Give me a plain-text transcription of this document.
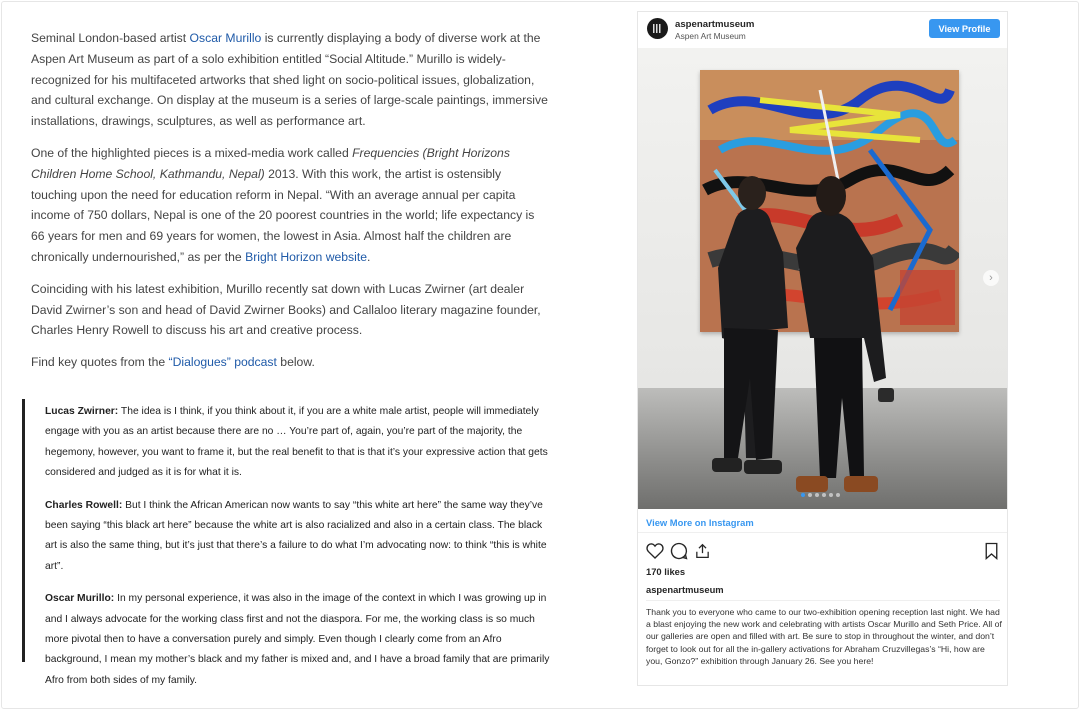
Seminal London-based artist Oscar Murillo is currently displaying a body of diverse work at the Aspen Art Museum as part of a solo exhibition entitled “Social Altitude.” Murillo is widely-recognized for his multifaceted artworks that shed light on socio-political issues, globalization, and cultural exchange. On display at the museum is a series of large-scale paintings, immersive installations, drawings, sculptures, as well as performance art.

One of the highlighted pieces is a mixed-media work called Frequencies (Bright Horizons Children Home School, Kathmandu, Nepal) 2013. With this work, the artist is ostensibly touching upon the need for education reform in Nepal. “With an average annual per capita income of 750 dollars, Nepal is one of the 20 poorest countries in the world; life expectancy is 66 years for men and 69 years for women, the lowest in Asia. Almost half the children are chronically undernourished,” as per the Bright Horizon website.

Coinciding with his latest exhibition, Murillo recently sat down with Lucas Zwirner (art dealer David Zwirner’s son and head of David Zwirner Books) and Callaloo literary magazine founder, Charles Henry Rowell to discuss his art and creative process.

Find key quotes from the “Dialogues” podcast below.

Lucas Zwirner: The idea is I think, if you think about it, if you are a white male artist, people will immediately engage with you as an artist because there are no … You’re part of, again, you’re part of the majority, the hegemony, however, you want to frame it, but the real benefit to that is that it’s your expressive action that gets considered and judged as it is for what it is.

Charles Rowell: But I think the African American now wants to say “this white art here” the same way they’ve been saying “this black art here” because the white art is also racialized and also in a certain class. The black art is also the same thing, but it’s just that there’s a failure to do what I’m advocating now: to think “this is white art”.

Oscar Murillo: In my personal experience, it was also in the image of the context in which I was growing up in and I always advocate for the working class first and not the diaspora. For me, the working class is so much more pivotal then to have a conversation purely and simply. Even though I clearly come from an Afro background, I mean my mother’s black and my father is mixed and, and I have a broad family that are primarily Afro from both sides of my family.

aspenartmuseum
Aspen Art Museum
View Profile
›
View More on Instagram
170 likes
aspenartmuseum
Thank you to everyone who came to our two-exhibition opening reception last night. We had a blast enjoying the new work and celebrating with artists Oscar Murillo and Seth Price. All of our galleries are open and filled with art. Be sure to stop in throughout the winter, and don’t forget to look out for all the in-gallery activations for Abraham Cruzvillegas’s “Hi, how are you, Gonzo?” exhibition through January 26. See you here!
